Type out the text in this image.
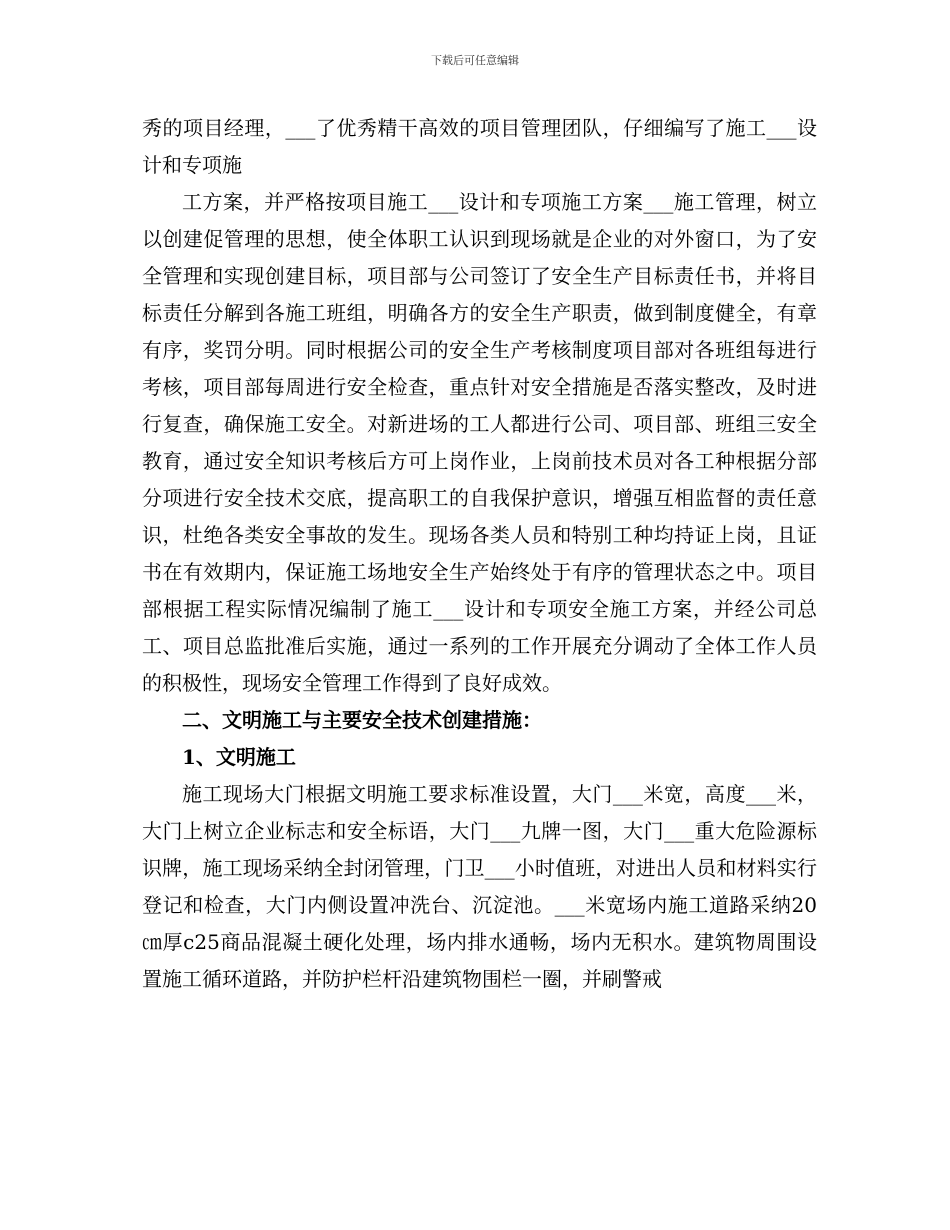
下载后可任意编辑

秀的项目经理，___了优秀精干高效的项目管理团队，仔细编写了施工___设计和专项施

工方案，并严格按项目施工___设计和专项施工方案___施工管理，树立以创建促管理的思想，使全体职工认识到现场就是企业的对外窗口，为了安全管理和实现创建目标，项目部与公司签订了安全生产目标责任书，并将目标责任分解到各施工班组，明确各方的安全生产职责，做到制度健全，有章有序，奖罚分明。同时根据公司的安全生产考核制度项目部对各班组每进行考核，项目部每周进行安全检查，重点针对安全措施是否落实整改，及时进行复查，确保施工安全。对新进场的工人都进行公司、项目部、班组三安全教育，通过安全知识考核后方可上岗作业，上岗前技术员对各工种根据分部分项进行安全技术交底，提高职工的自我保护意识，增强互相监督的责任意识，杜绝各类安全事故的发生。现场各类人员和特别工种均持证上岗，且证书在有效期内，保证施工场地安全生产始终处于有序的管理状态之中。项目部根据工程实际情况编制了施工___设计和专项安全施工方案，并经公司总工、项目总监批准后实施，通过一系列的工作开展充分调动了全体工作人员的积极性，现场安全管理工作得到了良好成效。

二、文明施工与主要安全技术创建措施：

1、文明施工

施工现场大门根据文明施工要求标准设置，大门___米宽，高度___米，大门上树立企业标志和安全标语，大门___九牌一图，大门___重大危险源标识牌，施工现场采纳全封闭管理，门卫___小时值班，对进出人员和材料实行登记和检查，大门内侧设置冲洗台、沉淀池。___米宽场内施工道路采纳20㎝厚c25商品混凝土硬化处理，场内排水通畅，场内无积水。建筑物周围设置施工循环道路，并防护栏杆沿建筑物围栏一圈，并刷警戒
